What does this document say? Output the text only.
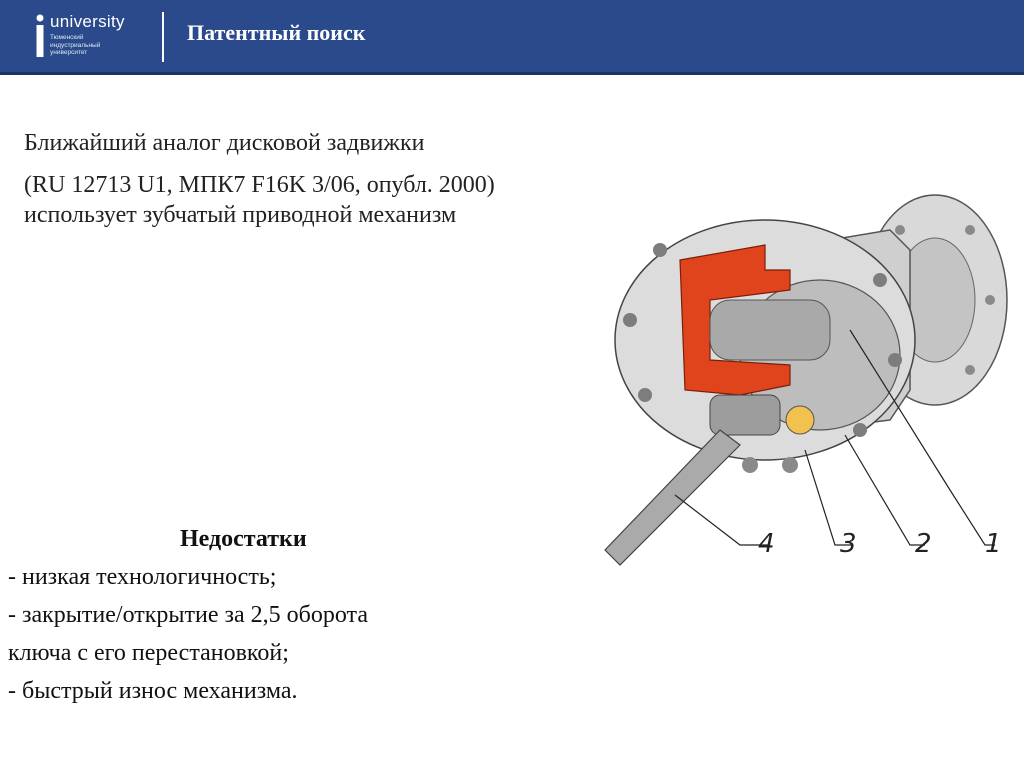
university
Тюменский индустриальный университет
Патентный поиск

Ближайший аналог дисковой задвижки

(RU 12713 U1, МПК7 F16K 3/06, опубл. 2000) использует зубчатый приводной механизм

Недостатки
- низкая технологичность;
- закрытие/открытие за 2,5 оборота
ключа с его перестановкой;
- быстрый износ механизма.
4	3 2 1
